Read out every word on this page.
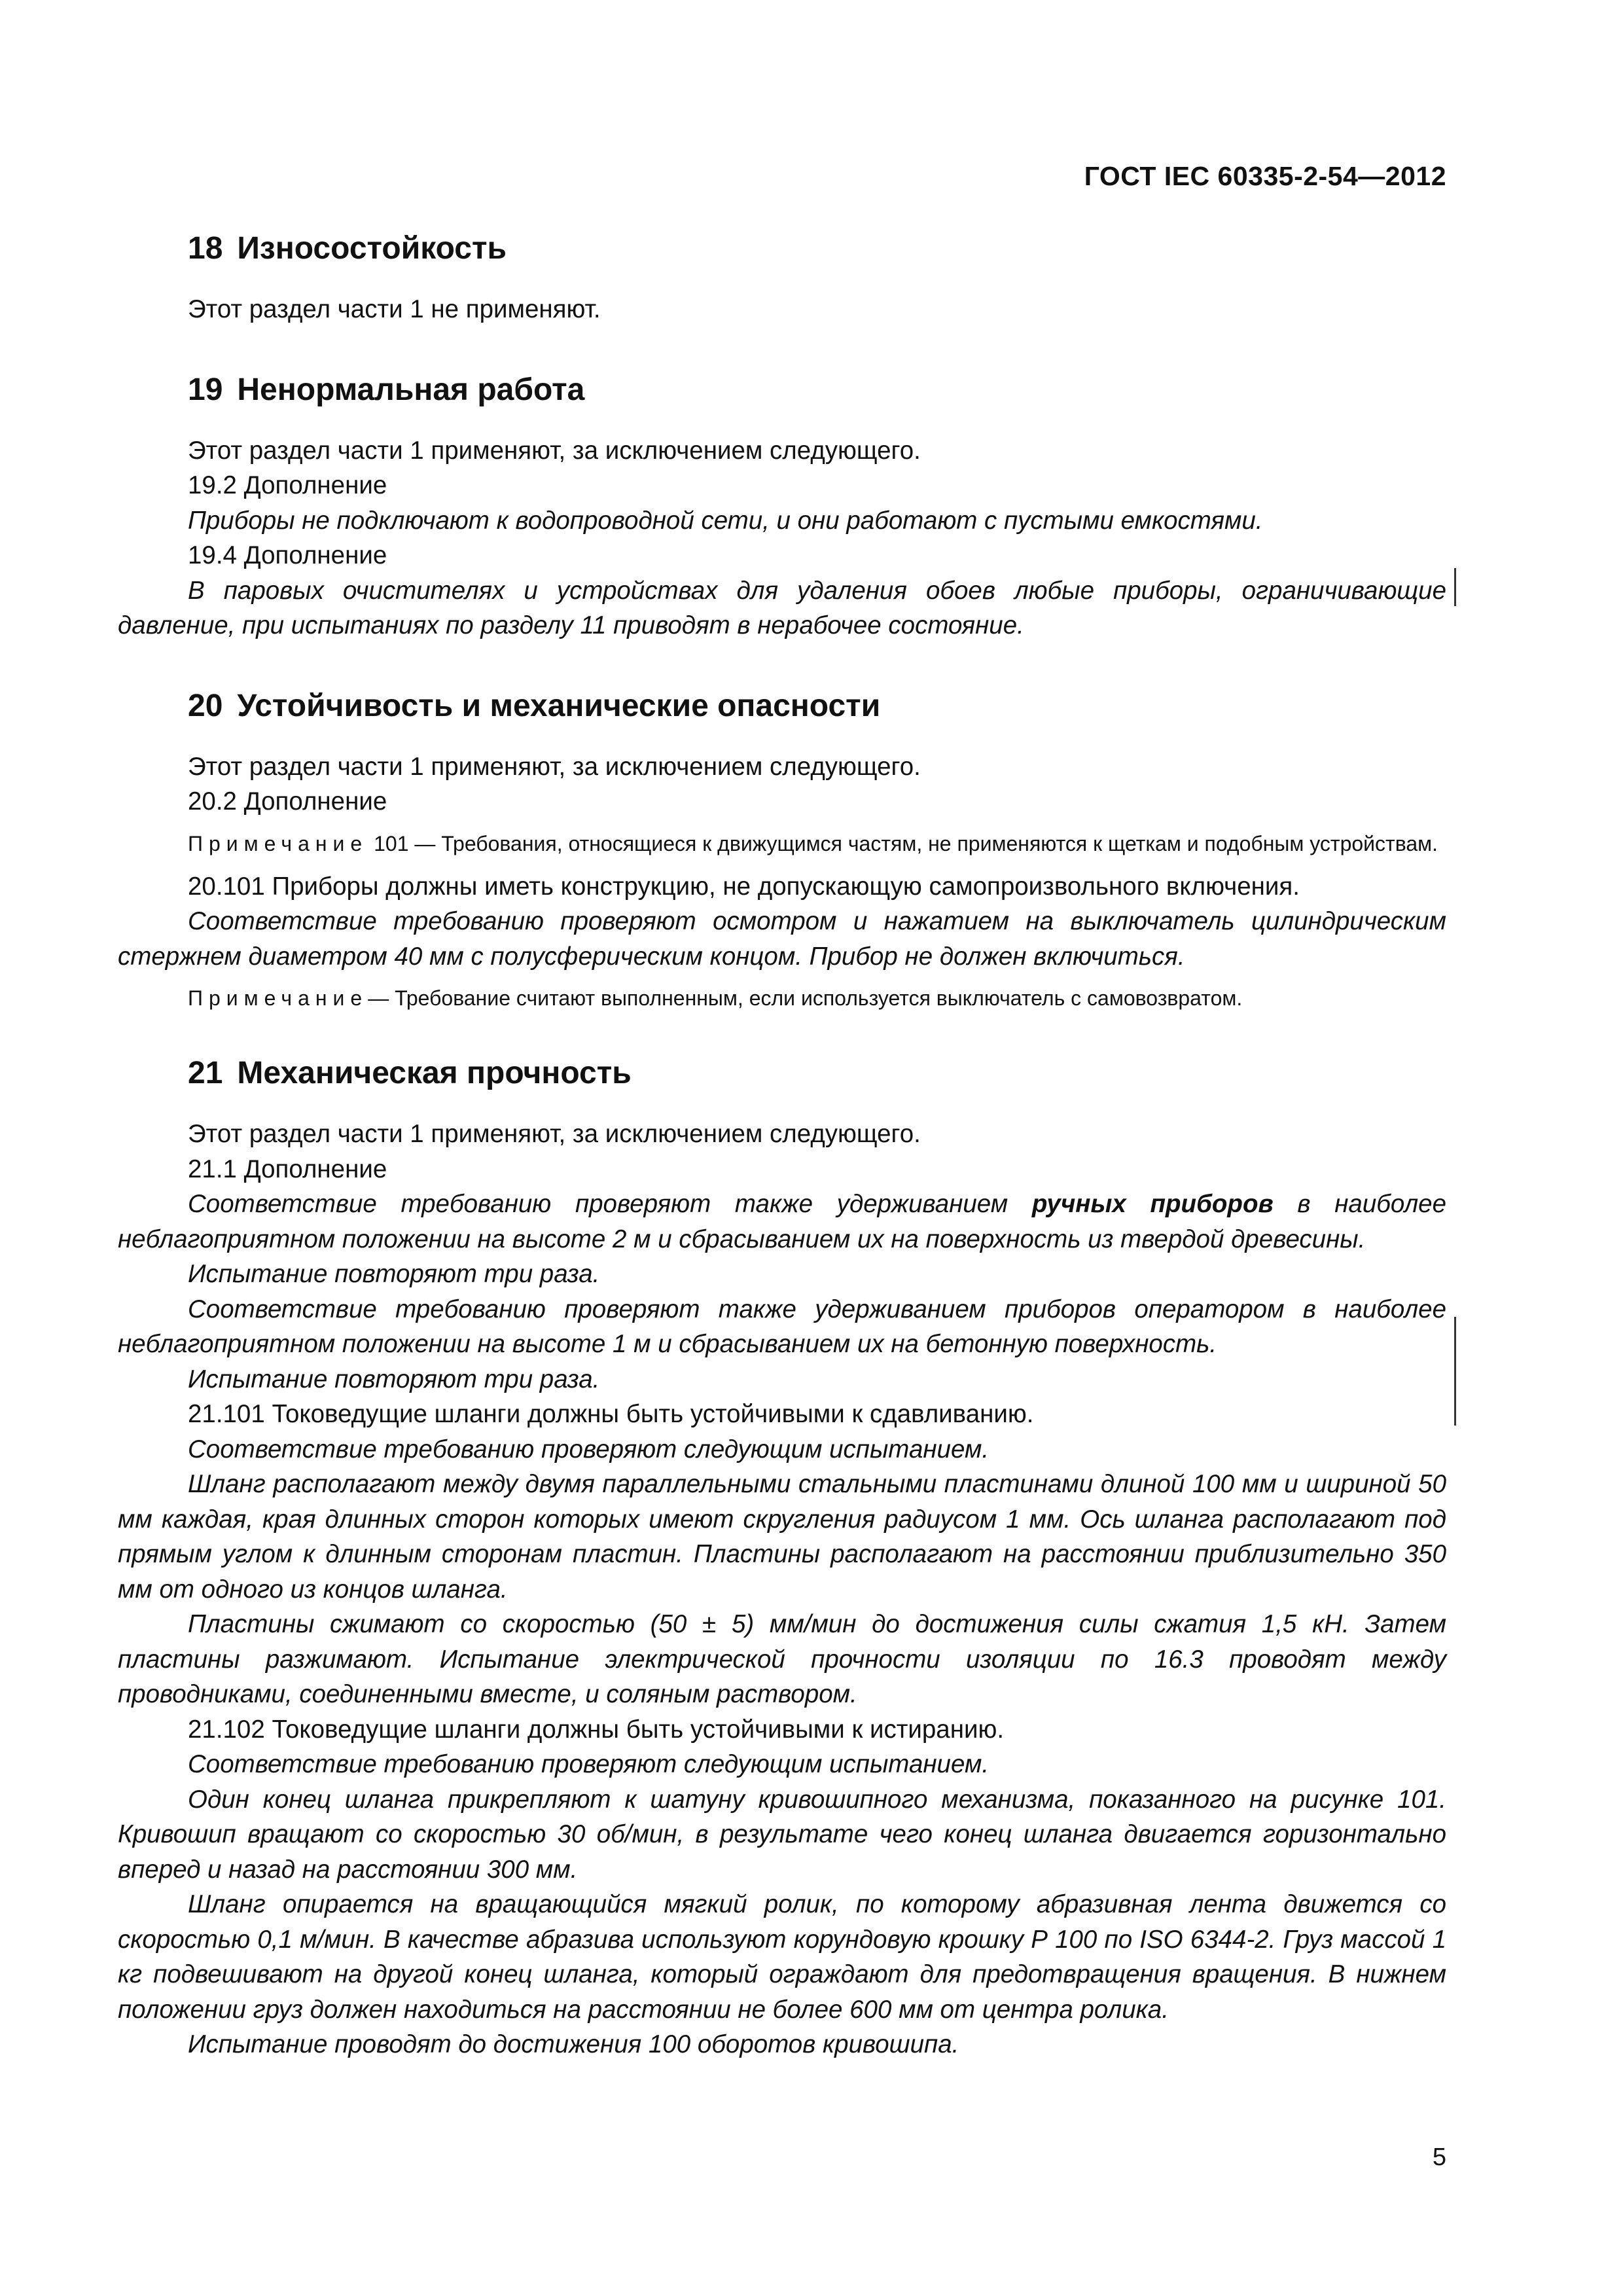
ГОСТ IEC 60335-2-54—2012
18 Износостойкость

Этот раздел части 1 не применяют.

19 Ненормальная работа

Этот раздел части 1 применяют, за исключением следующего.

19.2 Дополнение

Приборы не подключают к водопроводной сети, и они работают с пустыми емкостями.

19.4 Дополнение

В паровых очистителях и устройствах для удаления обоев любые приборы, ограничивающие давление, при испытаниях по разделу 11 приводят в нерабочее состояние.

20 Устойчивость и механические опасности

Этот раздел части 1 применяют, за исключением следующего.

20.2 Дополнение

Примечание 101 — Требования, относящиеся к движущимся частям, не применяются к щеткам и подобным устройствам.

20.101 Приборы должны иметь конструкцию, не допускающую самопроизвольного включения.

Соответствие требованию проверяют осмотром и нажатием на выключатель цилиндрическим стержнем диаметром 40 мм с полусферическим концом. Прибор не должен включиться.

Примечание— Требование считают выполненным, если используется выключатель с самовозвратом.

21 Механическая прочность

Этот раздел части 1 применяют, за исключением следующего.

21.1 Дополнение

Соответствие требованию проверяют также удерживанием ручных приборов в наиболее неблагоприятном положении на высоте 2 м и сбрасыванием их на поверхность из твердой древесины.

Испытание повторяют три раза.

Соответствие требованию проверяют также удерживанием приборов оператором в наиболее неблагоприятном положении на высоте 1 м и сбрасыванием их на бетонную поверхность.

Испытание повторяют три раза.

21.101 Токоведущие шланги должны быть устойчивыми к сдавливанию.

Соответствие требованию проверяют следующим испытанием.

Шланг располагают между двумя параллельными стальными пластинами длиной 100 мм и шириной 50 мм каждая, края длинных сторон которых имеют скругления радиусом 1 мм. Ось шланга располагают под прямым углом к длинным сторонам пластин. Пластины располагают на расстоянии приблизительно 350 мм от одного из концов шланга.

Пластины сжимают со скоростью (50 ± 5) мм/мин до достижения силы сжатия 1,5 кН. Затем пластины разжимают. Испытание электрической прочности изоляции по 16.3 проводят между проводниками, соединенными вместе, и соляным раствором.

21.102 Токоведущие шланги должны быть устойчивыми к истиранию.

Соответствие требованию проверяют следующим испытанием.

Один конец шланга прикрепляют к шатуну кривошипного механизма, показанного на рисунке 101. Кривошип вращают со скоростью 30 об/мин, в результате чего конец шланга двигается горизонтально вперед и назад на расстоянии 300 мм.

Шланг опирается на вращающийся мягкий ролик, по которому абразивная лента движется со скоростью 0,1 м/мин. В качестве абразива используют корундовую крошку Р 100 по ISO 6344-2. Груз массой 1 кг подвешивают на другой конец шланга, который ограждают для предотвращения вращения. В нижнем положении груз должен находиться на расстоянии не более 600 мм от центра ролика.

Испытание проводят до достижения 100 оборотов кривошипа.

5
